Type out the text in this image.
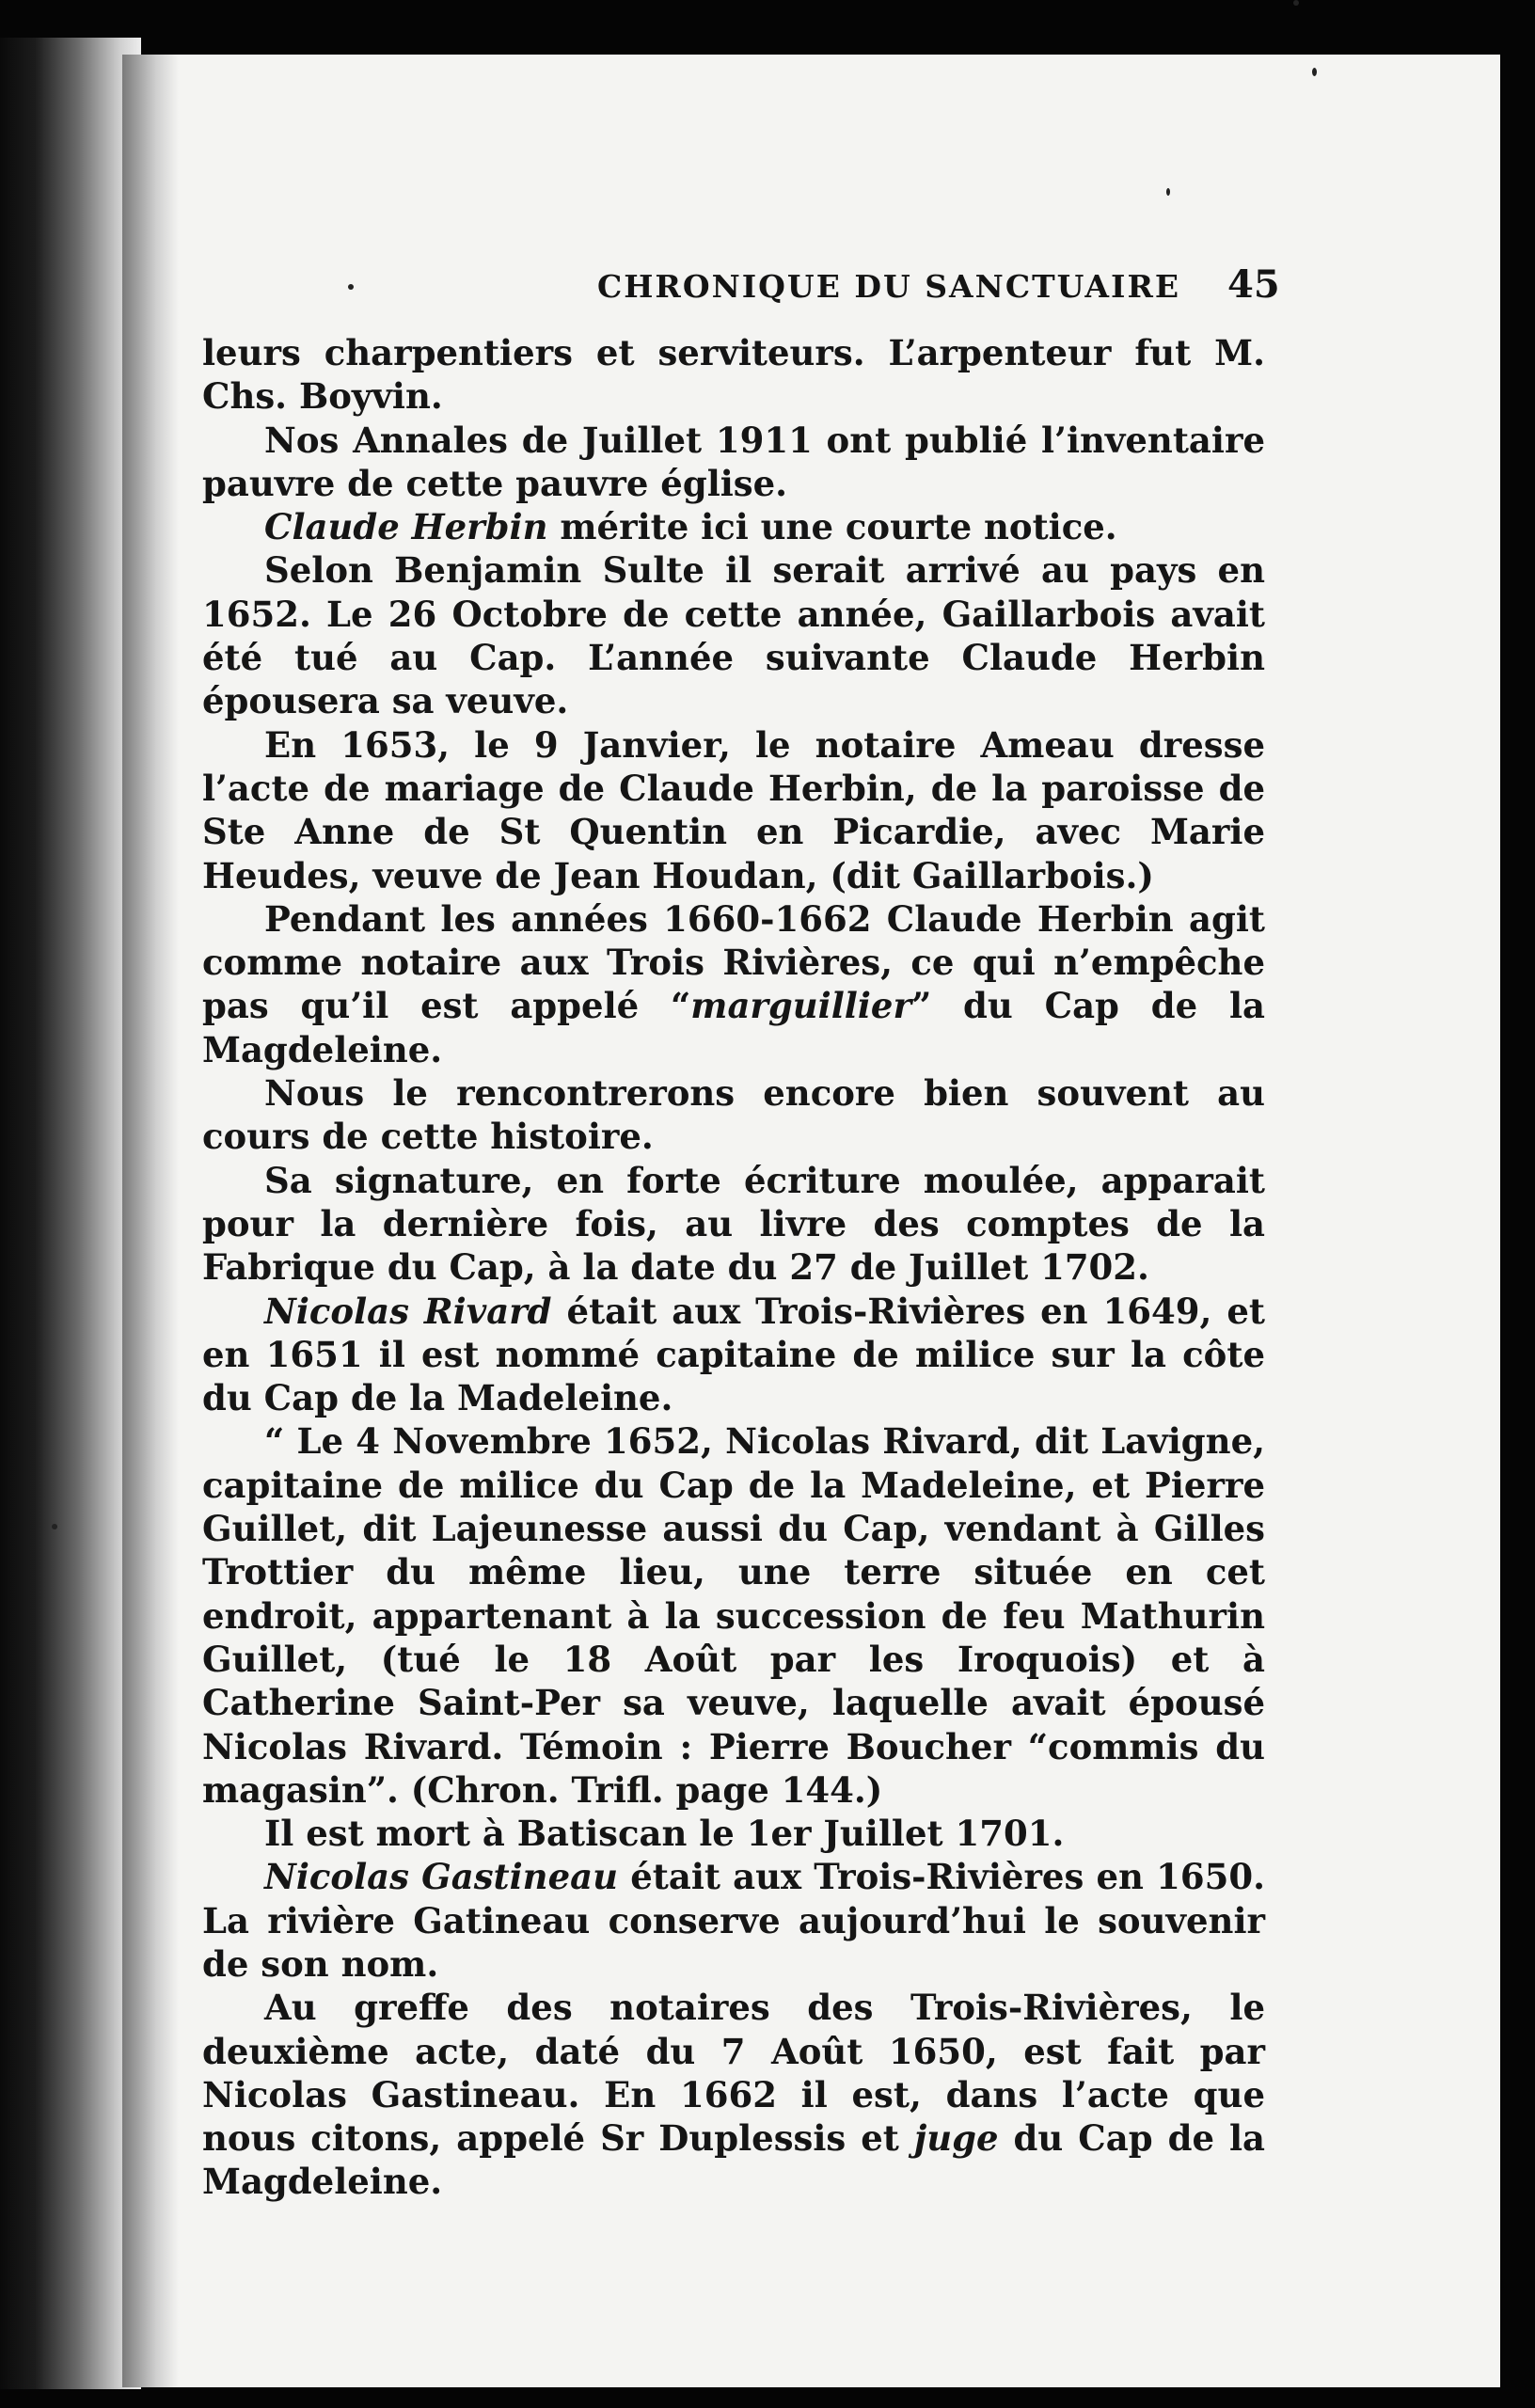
CHRONIQUE DU SANCTUAIRE	45

leurs charpentiers et serviteurs. L’arpenteur fut M. Chs. Boyvin.

Nos Annales de Juillet 1911 ont publié l’inventaire pauvre de cette pauvre église.

Claude Herbin mérite ici une courte notice.

Selon Benjamin Sulte il serait arrivé au pays en 1652. Le 26 Octobre de cette année, Gaillarbois avait été tué au Cap. L’année suivante Claude Herbin épousera sa veuve.

En 1653, le 9 Janvier, le notaire Ameau dresse l’acte de mariage de Claude Herbin, de la paroisse de Ste Anne de St Quentin en Picardie, avec Marie Heudes, veuve de Jean Houdan, (dit Gaillarbois.)

Pendant les années 1660-1662 Claude Herbin agit comme notaire aux Trois Rivières, ce qui n’empêche pas qu’il est appelé “marguillier” du Cap de la Magdeleine.

Nous le rencontrerons encore bien souvent au cours de cette histoire.

Sa signature, en forte écriture moulée, apparait pour la dernière fois, au livre des comptes de la Fabrique du Cap, à la date du 27 de Juillet 1702.

Nicolas Rivard était aux Trois-Rivières en 1649, et en 1651 il est nommé capitaine de milice sur la côte du Cap de la Madeleine.

“ Le 4 Novembre 1652, Nicolas Rivard, dit Lavigne, capitaine de milice du Cap de la Madeleine, et Pierre Guillet, dit Lajeunesse aussi du Cap, vendant à Gilles Trottier du même lieu, une terre située en cet endroit, appartenant à la succession de feu Mathurin Guillet, (tué le 18 Août par les Iroquois) et à Catherine Saint-Per sa veuve, laquelle avait épousé Nicolas Rivard. Témoin : Pierre Boucher “commis du magasin”. (Chron. Trifl. page 144.)

Il est mort à Batiscan le 1er Juillet 1701.

Nicolas Gastineau était aux Trois-Rivières en 1650. La rivière Gatineau conserve aujourd’hui le souvenir de son nom.

Au greffe des notaires des Trois-Rivières, le deuxième acte, daté du 7 Août 1650, est fait par Nicolas Gastineau. En 1662 il est, dans l’acte que nous citons, appelé Sr Duplessis et juge du Cap de la Magdeleine.
